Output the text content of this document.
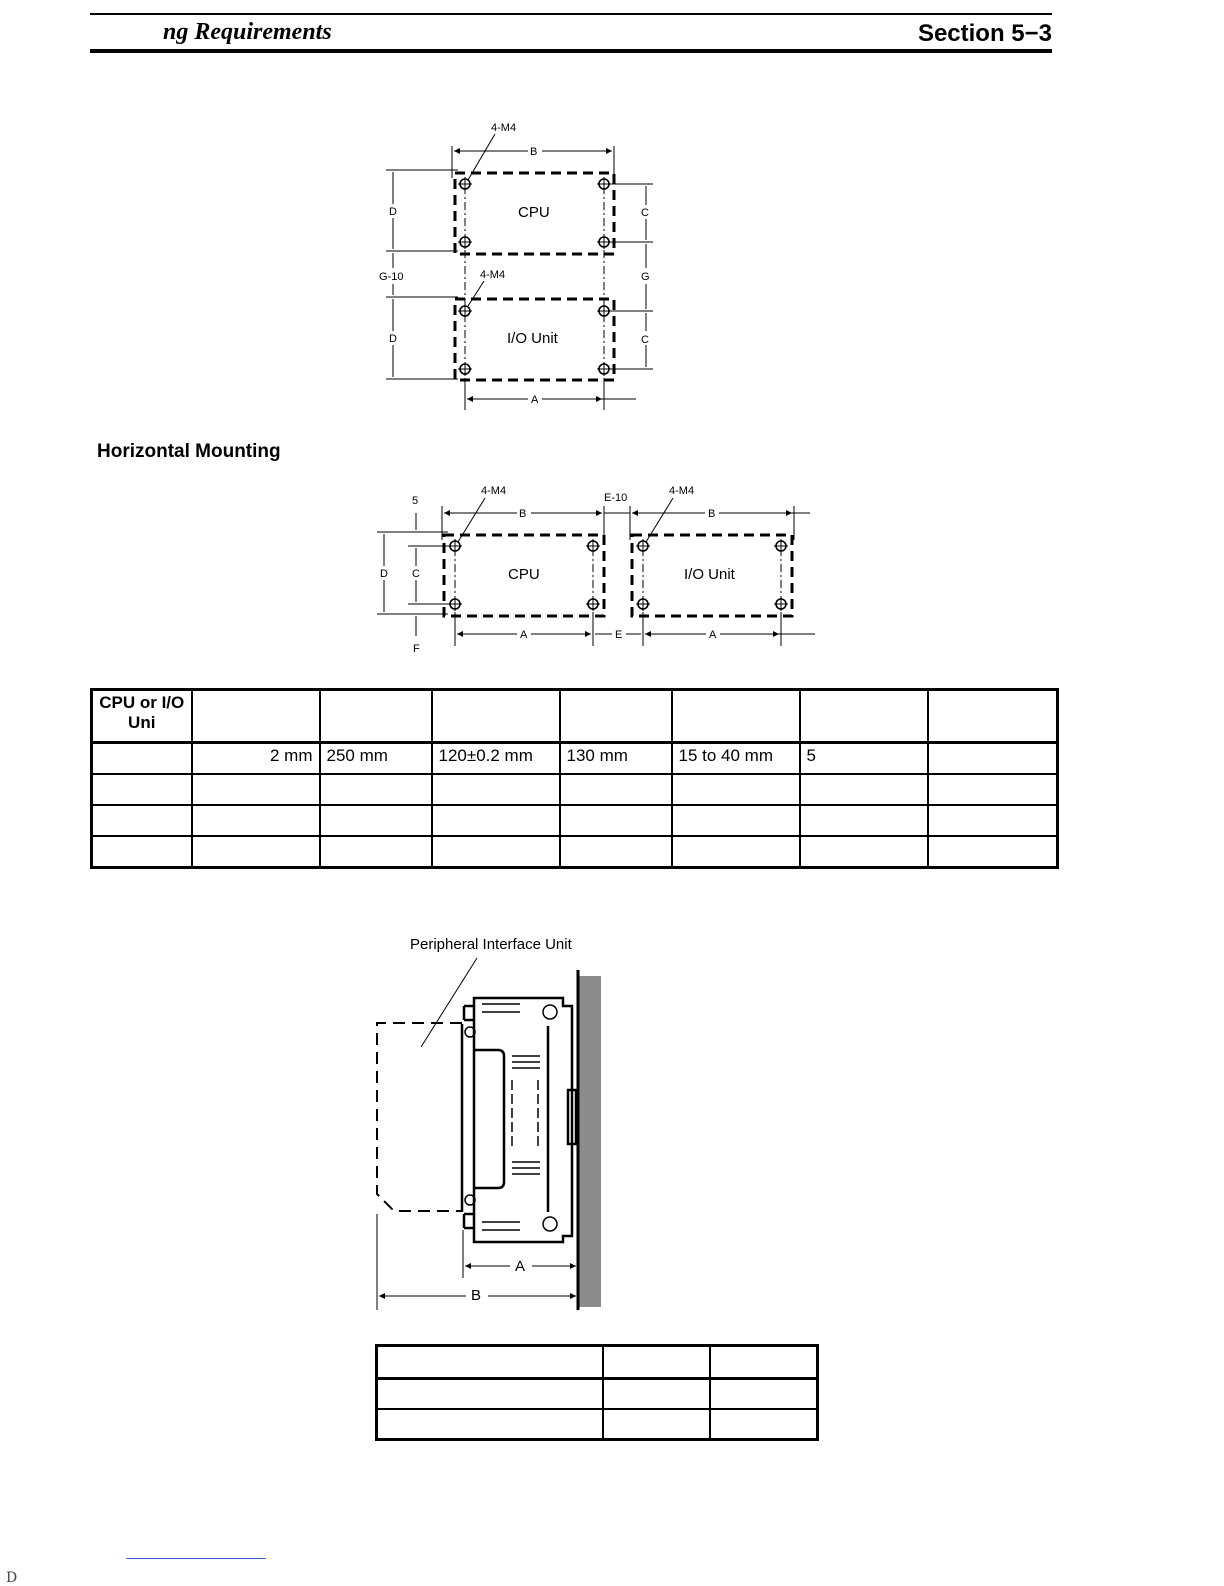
ng Requirements	Section 5−3
4-M4
B
D	C
G-10	4-M4	G
D	C
A
CPU
I/O Unit
Horizontal Mounting
4-M4	4-M4
E-10
5
B	B
D C
F
A	E	A
CPU	I/O Unit
CPU or I/O Uni							
	2 mm	250 mm	120±0.2 mm	130 mm	15 to 40 mm	5	

Peripheral Interface Unit
A
B

D
